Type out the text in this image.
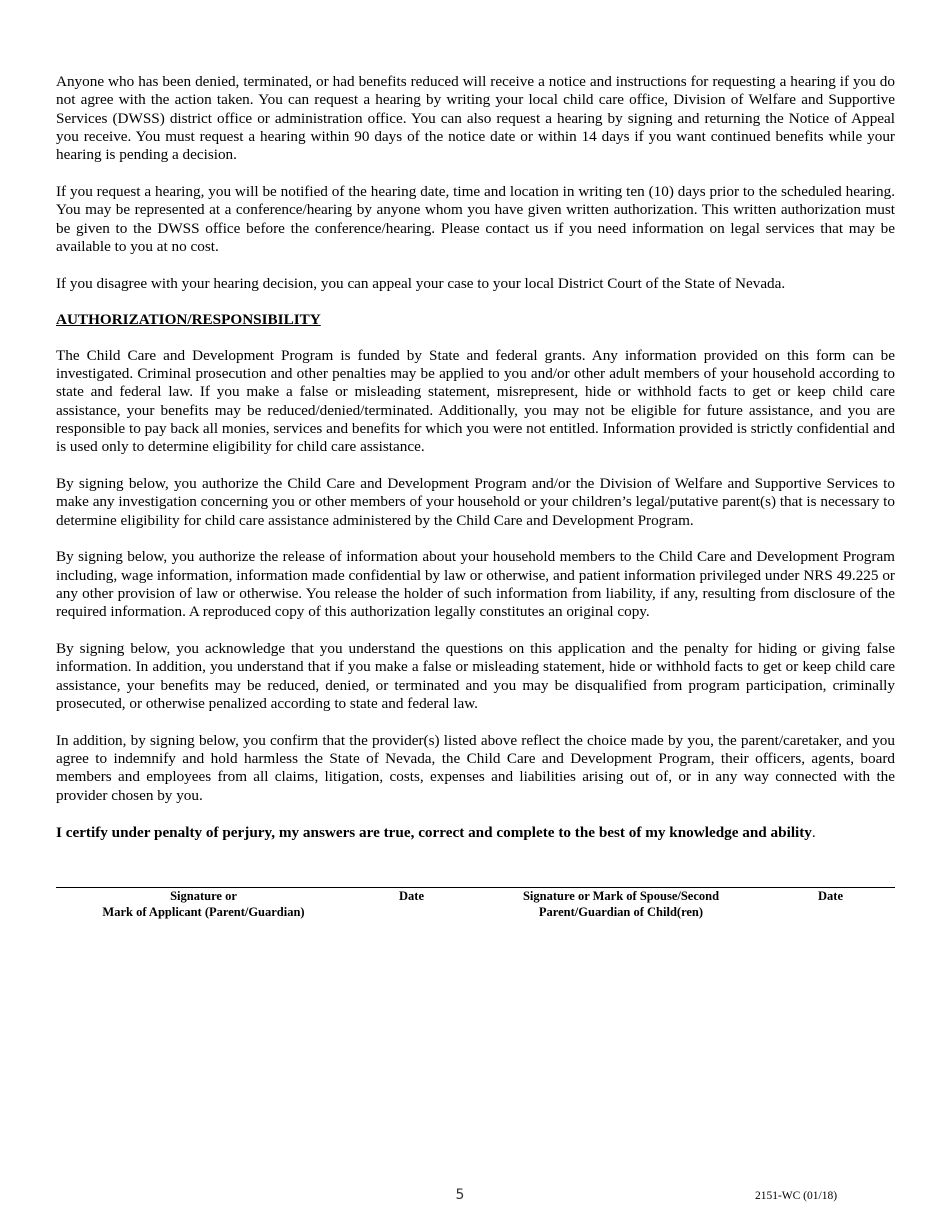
Anyone who has been denied, terminated, or had benefits reduced will receive a notice and instructions for requesting a hearing if you do not agree with the action taken. You can request a hearing by writing your local child care office, Division of Welfare and Supportive Services (DWSS) district office or administration office. You can also request a hearing by signing and returning the Notice of Appeal you receive. You must request a hearing within 90 days of the notice date or within 14 days if you want continued benefits while your hearing is pending a decision.

If you request a hearing, you will be notified of the hearing date, time and location in writing ten (10) days prior to the scheduled hearing. You may be represented at a conference/hearing by anyone whom you have given written authorization. This written authorization must be given to the DWSS office before the conference/hearing. Please contact us if you need information on legal services that may be available to you at no cost.

If you disagree with your hearing decision, you can appeal your case to your local District Court of the State of Nevada.

AUTHORIZATION/RESPONSIBILITY

The Child Care and Development Program is funded by State and federal grants. Any information provided on this form can be investigated. Criminal prosecution and other penalties may be applied to you and/or other adult members of your household according to state and federal law. If you make a false or misleading statement, misrepresent, hide or withhold facts to get or keep child care assistance, your benefits may be reduced/denied/terminated. Additionally, you may not be eligible for future assistance, and you are responsible to pay back all monies, services and benefits for which you were not entitled. Information provided is strictly confidential and is used only to determine eligibility for child care assistance.

By signing below, you authorize the Child Care and Development Program and/or the Division of Welfare and Supportive Services to make any investigation concerning you or other members of your household or your children’s legal/putative parent(s) that is necessary to determine eligibility for child care assistance administered by the Child Care and Development Program.

By signing below, you authorize the release of information about your household members to the Child Care and Development Program including, wage information, information made confidential by law or otherwise, and patient information privileged under NRS 49.225 or any other provision of law or otherwise. You release the holder of such information from liability, if any, resulting from disclosure of the required information. A reproduced copy of this authorization legally constitutes an original copy.

By signing below, you acknowledge that you understand the questions on this application and the penalty for hiding or giving false information. In addition, you understand that if you make a false or misleading statement, hide or withhold facts to get or keep child care assistance, your benefits may be reduced, denied, or terminated and you may be disqualified from program participation, criminally prosecuted, or otherwise penalized according to state and federal law.

In addition, by signing below, you confirm that the provider(s) listed above reflect the choice made by you, the parent/caretaker, and you agree to indemnify and hold harmless the State of Nevada, the Child Care and Development Program, their officers, agents, board members and employees from all claims, litigation, costs, expenses and liabilities arising out of, or in any way connected with the provider chosen by you.

I certify under penalty of perjury, my answers are true, correct and complete to the best of my knowledge and ability.

Signature or
Mark of Applicant (Parent/Guardian)
Date	Signature or Mark of Spouse/Second
Parent/Guardian of Child(ren)
Date
5	2151-WC (01/18)
